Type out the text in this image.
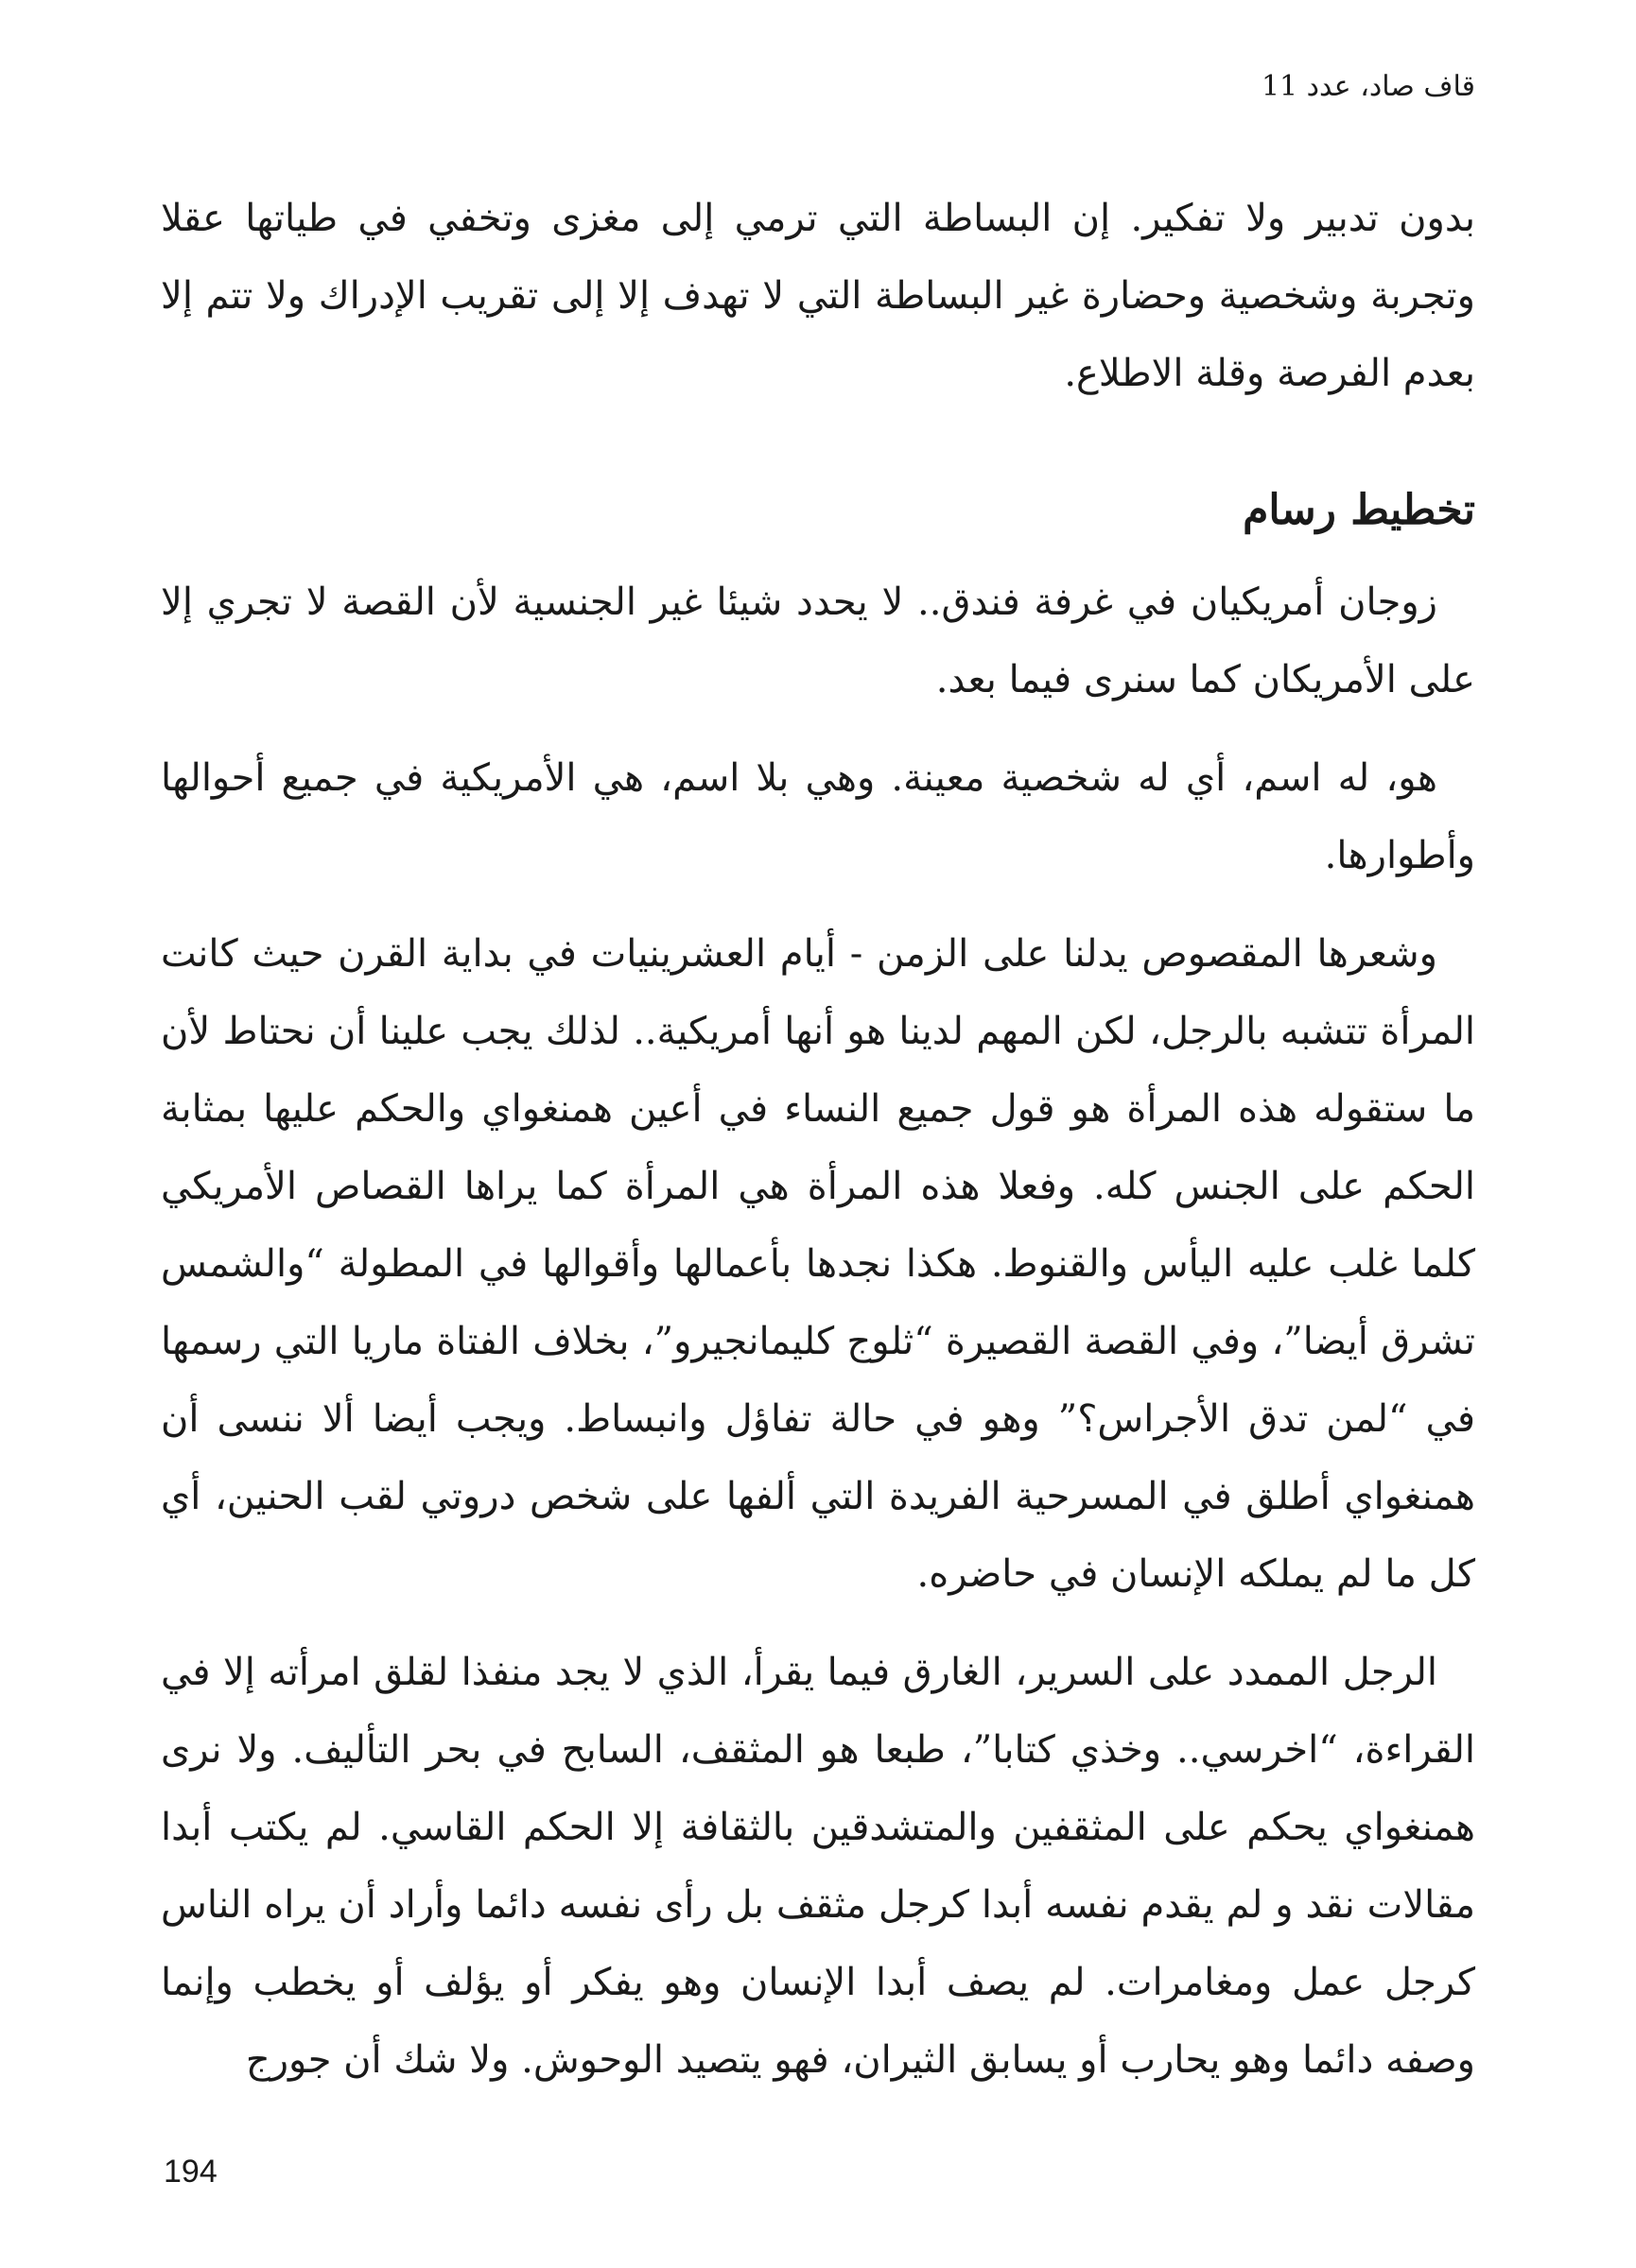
قاف صاد، عدد 11

بدون تدبير ولا تفكير. إن البساطة التي ترمي إلى مغزى وتخفي في طياتها عقلا وتجربة وشخصية وحضارة غير البساطة التي لا تهدف إلا إلى تقريب الإدراك ولا تتم إلا بعدم الفرصة وقلة الاطلاع.

تخطيط رسام

زوجان أمريكيان في غرفة فندق.. لا يحدد شيئا غير الجنسية لأن القصة لا تجري إلا على الأمريكان كما سنرى فيما بعد.

هو، له اسم، أي له شخصية معينة. وهي بلا اسم، هي الأمريكية في جميع أحوالها وأطوارها.

وشعرها المقصوص يدلنا على الزمن - أيام العشرينيات في بداية القرن حيث كانت المرأة تتشبه بالرجل، لكن المهم لدينا هو أنها أمريكية.. لذلك يجب علينا أن نحتاط لأن ما ستقوله هذه المرأة هو قول جميع النساء في أعين همنغواي والحكم عليها بمثابة الحكم على الجنس كله. وفعلا هذه المرأة هي المرأة كما يراها القصاص الأمريكي كلما غلب عليه اليأس والقنوط. هكذا نجدها بأعمالها وأقوالها في المطولة “والشمس تشرق أيضا”، وفي القصة القصيرة “ثلوج كليمانجيرو”، بخلاف الفتاة ماريا التي رسمها في “لمن تدق الأجراس؟” وهو في حالة تفاؤل وانبساط. ويجب أيضا ألا ننسى أن همنغواي أطلق في المسرحية الفريدة التي ألفها على شخص دروتي لقب الحنين، أي كل ما لم يملكه الإنسان في حاضره.

الرجل الممدد على السرير، الغارق فيما يقرأ، الذي لا يجد منفذا لقلق امرأته إلا في القراءة، “اخرسي.. وخذي كتابا”، طبعا هو المثقف، السابح في بحر التأليف. ولا نرى همنغواي يحكم على المثقفين والمتشدقين بالثقافة إلا الحكم القاسي. لم يكتب أبدا مقالات نقد و لم يقدم نفسه أبدا كرجل مثقف بل رأى نفسه دائما وأراد أن يراه الناس كرجل عمل ومغامرات. لم يصف أبدا الإنسان وهو يفكر أو يؤلف أو يخطب وإنما وصفه دائما وهو يحارب أو يسابق الثيران، فهو يتصيد الوحوش. ولا شك أن جورج

194
